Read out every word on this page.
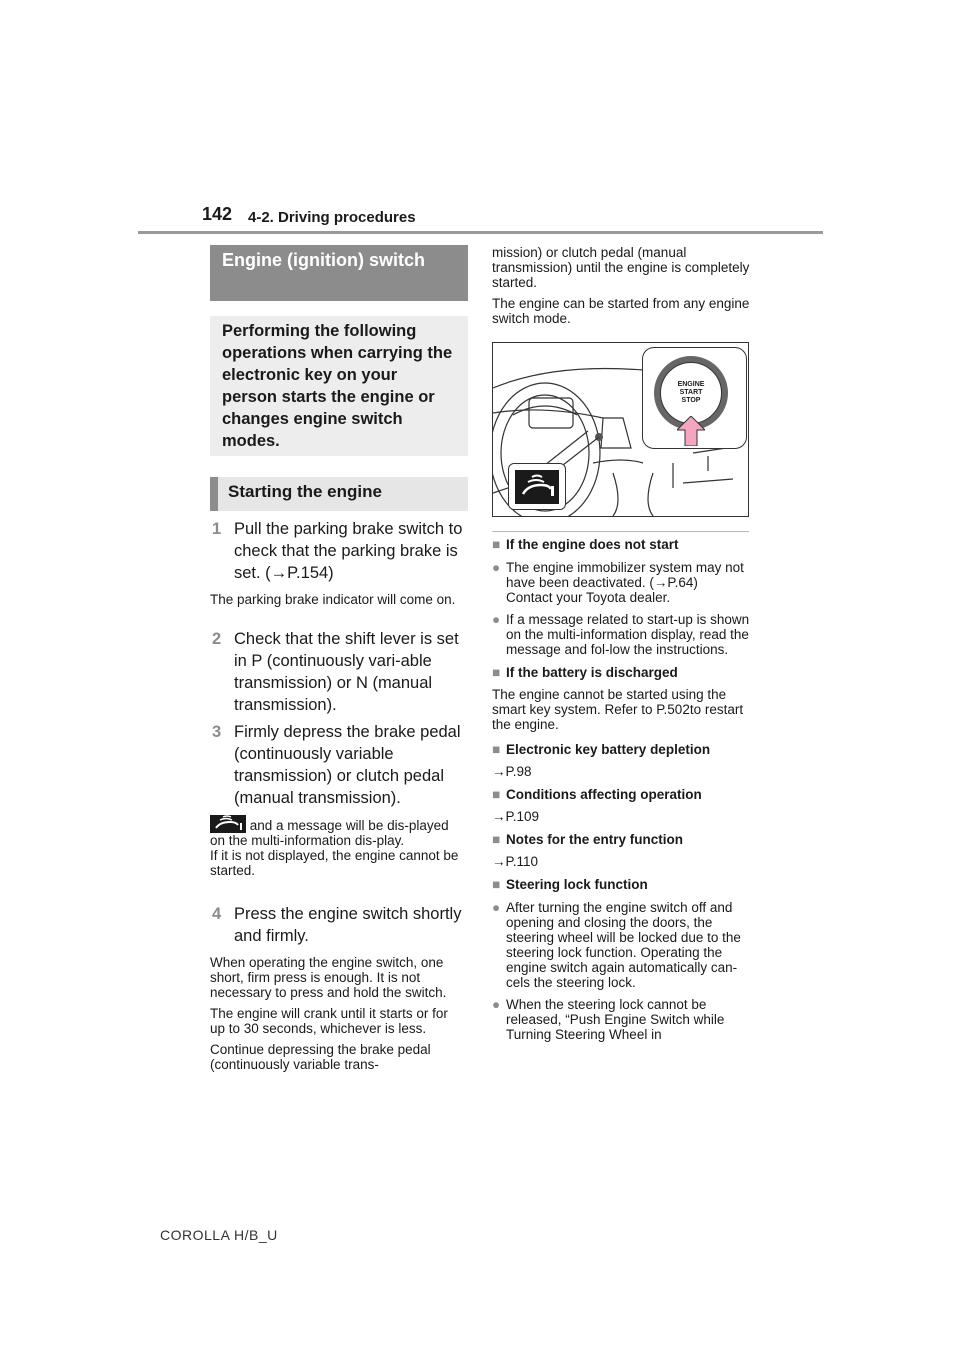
142 4-2. Driving procedures
Engine (ignition) switch
Performing the following operations when carrying the electronic key on your person starts the engine or changes engine switch modes.
Starting the engine
1 Pull the parking brake switch to check that the parking brake is set. (→P.154)

The parking brake indicator will come on.

2 Check that the shift lever is set in P (continuously vari-able transmission) or N (manual transmission).
3 Firmly depress the brake pedal (continuously variable transmission) or clutch pedal (manual transmission).

and a message will be dis-played on the multi-information dis-play.

If it is not displayed, the engine cannot be started.

4 Press the engine switch shortly and firmly.

When operating the engine switch, one short, firm press is enough. It is not necessary to press and hold the switch.

The engine will crank until it starts or for up to 30 seconds, whichever is less.

Continue depressing the brake pedal (continuously variable trans-

mission) or clutch pedal (manual transmission) until the engine is completely started.

The engine can be started from any engine switch mode.

ENGINE
START
STOP
■ If the engine does not start
● The engine immobilizer system may not have been deactivated. (→P.64)
Contact your Toyota dealer.
● If a message related to start-up is shown on the multi-information display, read the message and fol-low the instructions.
■ If the battery is discharged
The engine cannot be started using the smart key system. Refer to P.502to restart the engine.
■ Electronic key battery depletion
→P.98
■ Conditions affecting operation
→P.109
■ Notes for the entry function
→P.110
■ Steering lock function
● After turning the engine switch off and opening and closing the doors, the steering wheel will be locked due to the steering lock function. Operating the engine switch again automatically can-cels the steering lock.
● When the steering lock cannot be released, “Push Engine Switch while Turning Steering Wheel in
COROLLA H/B_U
